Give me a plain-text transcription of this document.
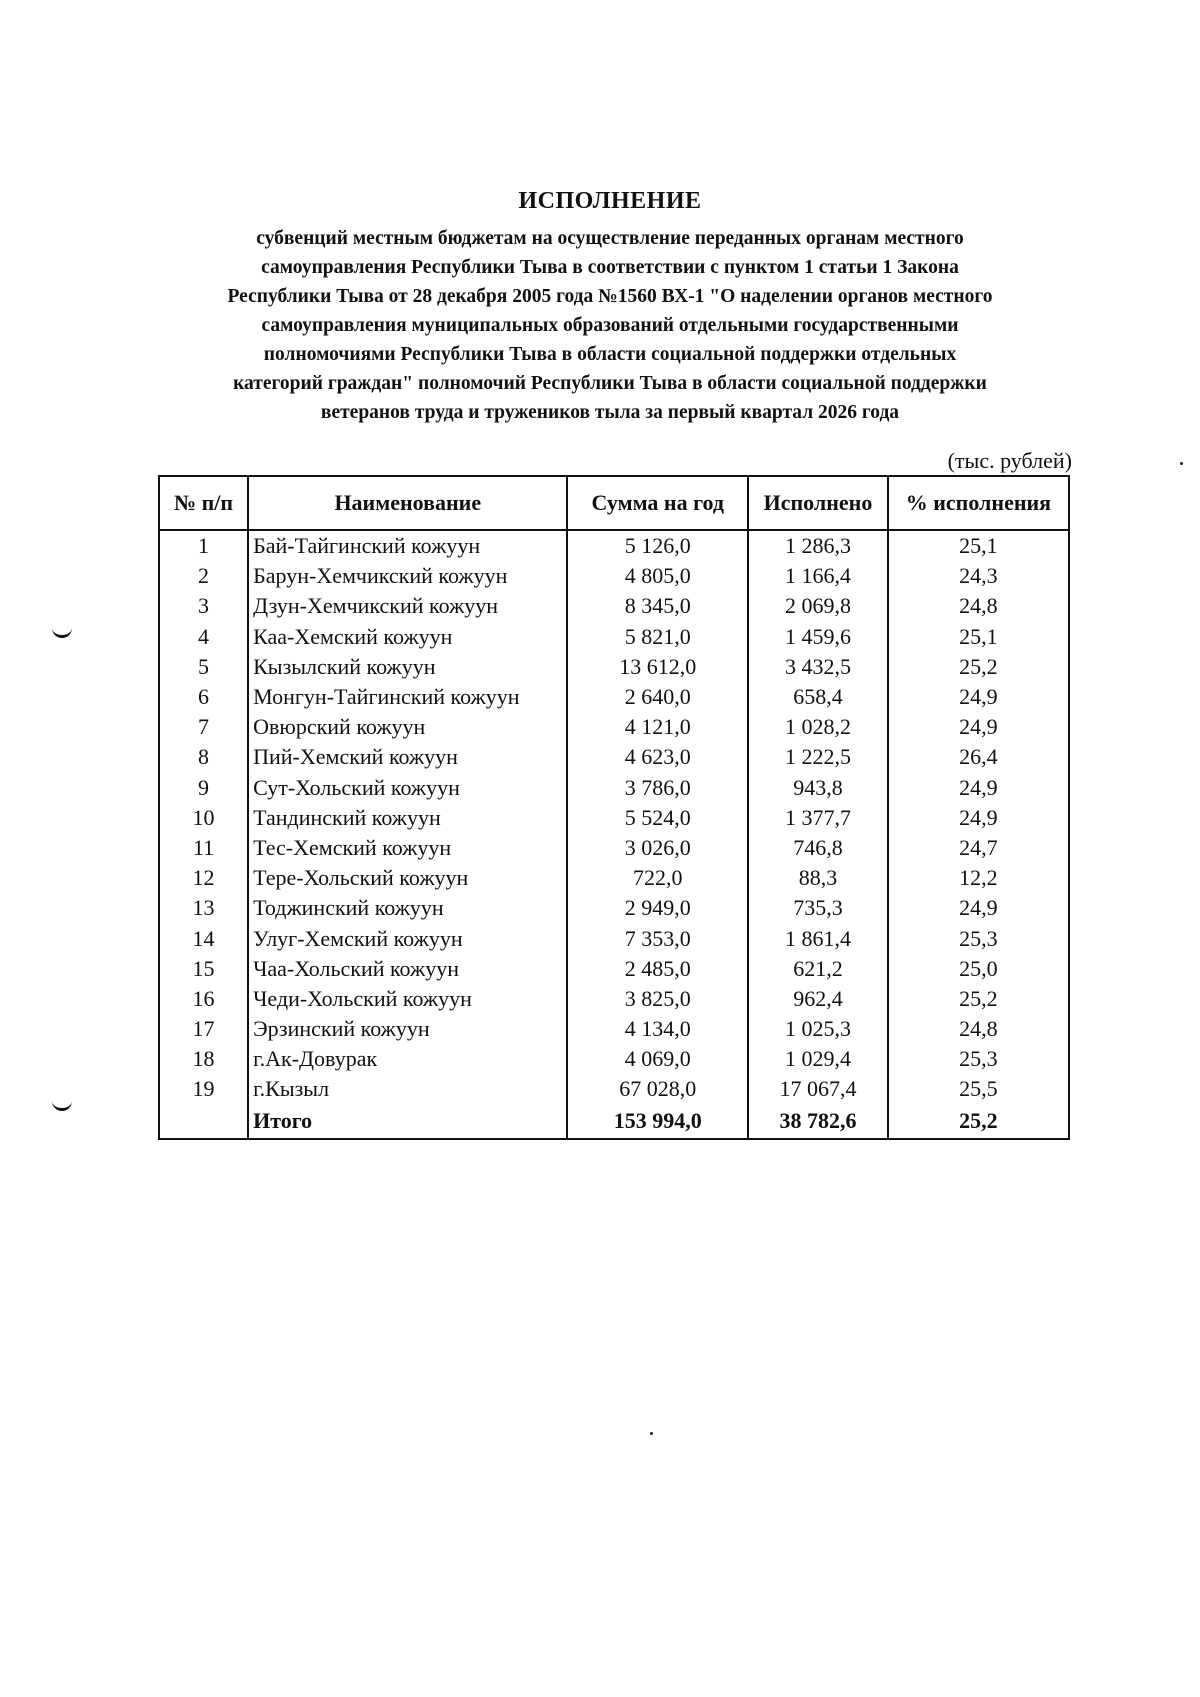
ИСПОЛНЕНИЕ
субвенций местным бюджетам на осуществление переданных органам местного
самоуправления Республики Тыва в соответствии с пунктом 1 статьи 1 Закона
Республики Тыва от 28 декабря 2005 года №1560 ВХ-1 "О наделении органов местного
самоуправления муниципальных образований отдельными государственными
полномочиями Республики Тыва в области социальной поддержки отдельных
категорий граждан" полномочий Республики Тыва в области социальной поддержки
ветеранов труда и тружеников тыла за первый квартал 2026 года
(тыс. рублей)
№ п/п	Наименование	Сумма на год	Исполнено	% исполнения
1	Бай-Тайгинский кожуун	5 126,0	1 286,3	25,1
2	Барун-Хемчикский кожуун	4 805,0	1 166,4	24,3
3	Дзун-Хемчикский кожуун	8 345,0	2 069,8	24,8
4	Каа-Хемский кожуун	5 821,0	1 459,6	25,1
5	Кызылский кожуун	13 612,0	3 432,5	25,2
6	Монгун-Тайгинский кожуун	2 640,0	658,4	24,9
7	Овюрский кожуун	4 121,0	1 028,2	24,9
8	Пий-Хемский кожуун	4 623,0	1 222,5	26,4
9	Сут-Хольский кожуун	3 786,0	943,8	24,9
10	Тандинский кожуун	5 524,0	1 377,7	24,9
11	Тес-Хемский кожуун	3 026,0	746,8	24,7
12	Тере-Хольский кожуун	722,0	88,3	12,2
13	Тоджинский кожуун	2 949,0	735,3	24,9
14	Улуг-Хемский кожуун	7 353,0	1 861,4	25,3
15	Чаа-Хольский кожуун	2 485,0	621,2	25,0
16	Чеди-Хольский кожуун	3 825,0	962,4	25,2
17	Эрзинский кожуун	4 134,0	1 025,3	24,8
18	г.Ак-Довурак	4 069,0	1 029,4	25,3
19	г.Кызыл	67 028,0	17 067,4	25,5
	Итого	153 994,0	38 782,6	25,2
